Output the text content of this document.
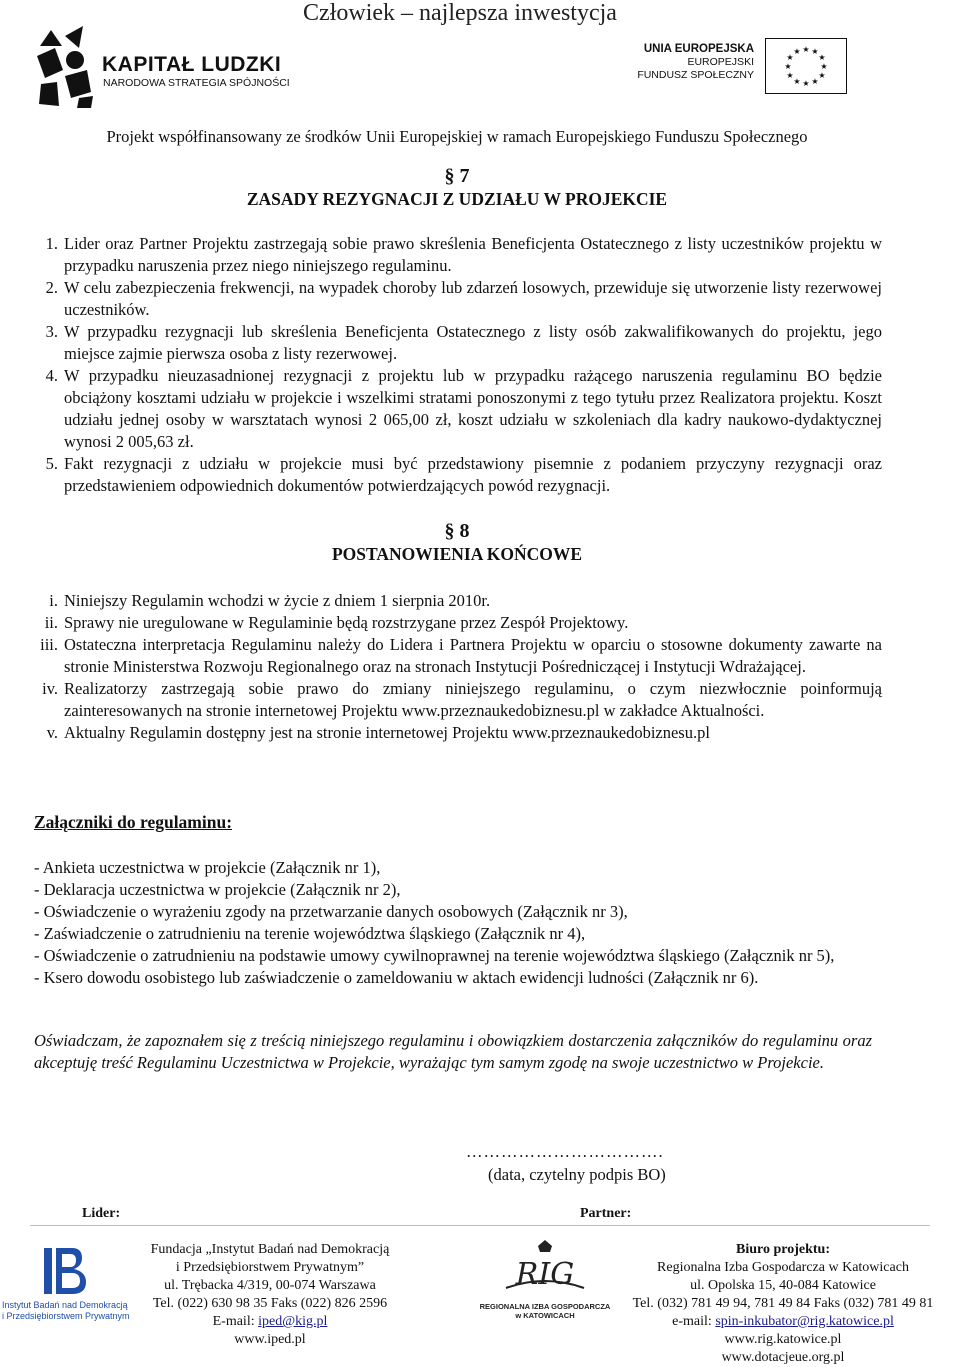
Człowiek – najlepsza inwestycja
KAPITAŁ LUDZKI
NARODOWA STRATEGIA SPÓJNOŚCI
UNIA EUROPEJSKA
EUROPEJSKI
FUNDUSZ SPOŁECZNY
★ ★
★
★
★
★
★
★
★
★
★
★
Projekt współfinansowany ze środków Unii Europejskiej w ramach Europejskiego Funduszu Społecznego
§ 7
ZASADY REZYGNACJI Z UDZIAŁU W PROJEKCIE
1. Lider oraz Partner Projektu zastrzegają sobie prawo skreślenia Beneficjenta Ostatecznego z listy uczestników projektu w przypadku naruszenia przez niego niniejszego regulaminu.
2. W celu zabezpieczenia frekwencji, na wypadek choroby lub zdarzeń losowych, przewiduje się utworzenie listy rezerwowej uczestników.
3. W przypadku rezygnacji lub skreślenia Beneficjenta Ostatecznego z listy osób zakwalifikowanych do projektu, jego miejsce zajmie pierwsza osoba z listy rezerwowej.
4. W przypadku nieuzasadnionej rezygnacji z projektu lub w przypadku rażącego naruszenia regulaminu BO będzie obciążony kosztami udziału w projekcie i wszelkimi stratami ponoszonymi z tego tytułu przez Realizatora projektu. Koszt udziału jednej osoby w warsztatach wynosi 2 065,00 zł, koszt udziału w szkoleniach dla kadry naukowo-dydaktycznej wynosi 2 005,63 zł.
5. Fakt rezygnacji z udziału w projekcie musi być przedstawiony pisemnie z podaniem przyczyny rezygnacji oraz przedstawieniem odpowiednich dokumentów potwierdzających powód rezygnacji.
§ 8
POSTANOWIENIA KOŃCOWE
i. Niniejszy Regulamin wchodzi w życie z dniem 1 sierpnia 2010r.
ii. Sprawy nie uregulowane w Regulaminie będą rozstrzygane przez Zespół Projektowy.
iii. Ostateczna interpretacja Regulaminu należy do Lidera i Partnera Projektu w oparciu o stosowne dokumenty zawarte na stronie Ministerstwa Rozwoju Regionalnego oraz na stronach Instytucji Pośredniczącej i Instytucji Wdrażającej.
iv. Realizatorzy zastrzegają sobie prawo do zmiany niniejszego regulaminu, o czym niezwłocznie poinformują zainteresowanych na stronie internetowej Projektu www.przeznaukedobiznesu.pl w zakładce Aktualności.
v. Aktualny Regulamin dostępny jest na stronie internetowej Projektu www.przeznaukedobiznesu.pl
Załączniki do regulaminu:
- Ankieta uczestnictwa w projekcie (Załącznik nr 1),
- Deklaracja uczestnictwa w projekcie (Załącznik nr 2),
- Oświadczenie o wyrażeniu zgody na przetwarzanie danych osobowych (Załącznik nr 3),
- Zaświadczenie o zatrudnieniu na terenie województwa śląskiego (Załącznik nr 4),
- Oświadczenie o zatrudnieniu na podstawie umowy cywilnoprawnej na terenie województwa śląskiego (Załącznik nr 5),
- Ksero dowodu osobistego lub zaświadczenie o zameldowaniu w aktach ewidencji ludności (Załącznik nr 6).
Oświadczam, że zapoznałem się z treścią niniejszego regulaminu i obowiązkiem dostarczenia załączników do regulaminu oraz akceptuję treść Regulaminu Uczestnictwa w Projekcie, wyrażając tym samym zgodę na swoje uczestnictwo w Projekcie.
…………………………….
(data, czytelny podpis BO)
Lider:	Partner:
Instytut Badań nad Demokracją
i Przedsiębiorstwem Prywatnym
Fundacja „Instytut Badań nad Demokracją
i Przedsiębiorstwem Prywatnym”
ul. Trębacka 4/319, 00-074 Warszawa
Tel. (022) 630 98 35 Faks (022) 826 2596
E-mail: iped@kig.pl
www.iped.pl
RIG
REGIONALNA IZBA GOSPODARCZA
w KATOWICACH
Biuro projektu:
Regionalna Izba Gospodarcza w Katowicach
ul. Opolska 15, 40-084 Katowice
Tel. (032) 781 49 94, 781 49 84 Faks (032) 781 49 81
e-mail: spin-inkubator@rig.katowice.pl
www.rig.katowice.pl
www.dotacjeue.org.pl
